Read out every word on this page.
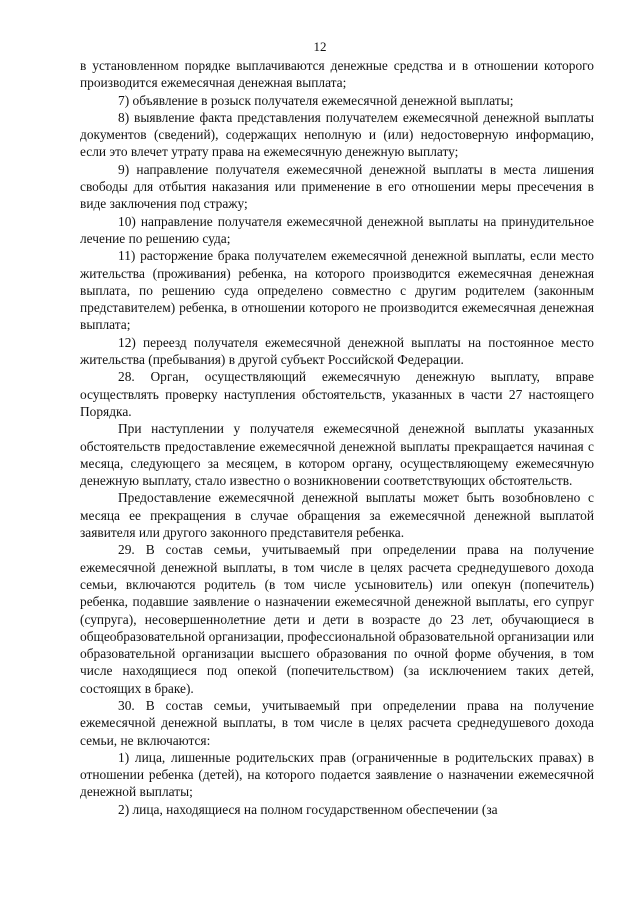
12

в установленном порядке выплачиваются денежные средства и в отношении которого производится ежемесячная денежная выплата;

7) объявление в розыск получателя ежемесячной денежной выплаты;

8) выявление факта представления получателем ежемесячной денежной выплаты документов (сведений), содержащих неполную и (или) недостоверную информацию, если это влечет утрату права на ежемесячную денежную выплату;

9) направление получателя ежемесячной денежной выплаты в места лишения свободы для отбытия наказания или применение в его отношении меры пресечения в виде заключения под стражу;

10) направление получателя ежемесячной денежной выплаты на принудительное лечение по решению суда;

11) расторжение брака получателем ежемесячной денежной выплаты, если место жительства (проживания) ребенка, на которого производится ежемесячная денежная выплата, по решению суда определено совместно с другим родителем (законным представителем) ребенка, в отношении которого не производится ежемесячная денежная выплата;

12) переезд получателя ежемесячной денежной выплаты на постоянное место жительства (пребывания) в другой субъект Российской Федерации.

28. Орган, осуществляющий ежемесячную денежную выплату, вправе осуществлять проверку наступления обстоятельств, указанных в части 27 настоящего Порядка.

При наступлении у получателя ежемесячной денежной выплаты указанных обстоятельств предоставление ежемесячной денежной выплаты прекращается начиная с месяца, следующего за месяцем, в котором органу, осуществляющему ежемесячную денежную выплату, стало известно о возникновении соответствующих обстоятельств.

Предоставление ежемесячной денежной выплаты может быть возобновлено с месяца ее прекращения в случае обращения за ежемесячной денежной выплатой заявителя или другого законного представителя ребенка.

29. В состав семьи, учитываемый при определении права на получение ежемесячной денежной выплаты, в том числе в целях расчета среднедушевого дохода семьи, включаются родитель (в том числе усыновитель) или опекун (попечитель) ребенка, подавшие заявление о назначении ежемесячной денежной выплаты, его супруг (супруга), несовершеннолетние дети и дети в возрасте до 23 лет, обучающиеся в общеобразовательной организации, профессиональной образовательной организации или образовательной организации высшего образования по очной форме обучения, в том числе находящиеся под опекой (попечительством) (за исключением таких детей, состоящих в браке).

30. В состав семьи, учитываемый при определении права на получение ежемесячной денежной выплаты, в том числе в целях расчета среднедушевого дохода семьи, не включаются:

1) лица, лишенные родительских прав (ограниченные в родительских правах) в отношении ребенка (детей), на которого подается заявление о назначении ежемесячной денежной выплаты;

2) лица, находящиеся на полном государственном обеспечении (за
